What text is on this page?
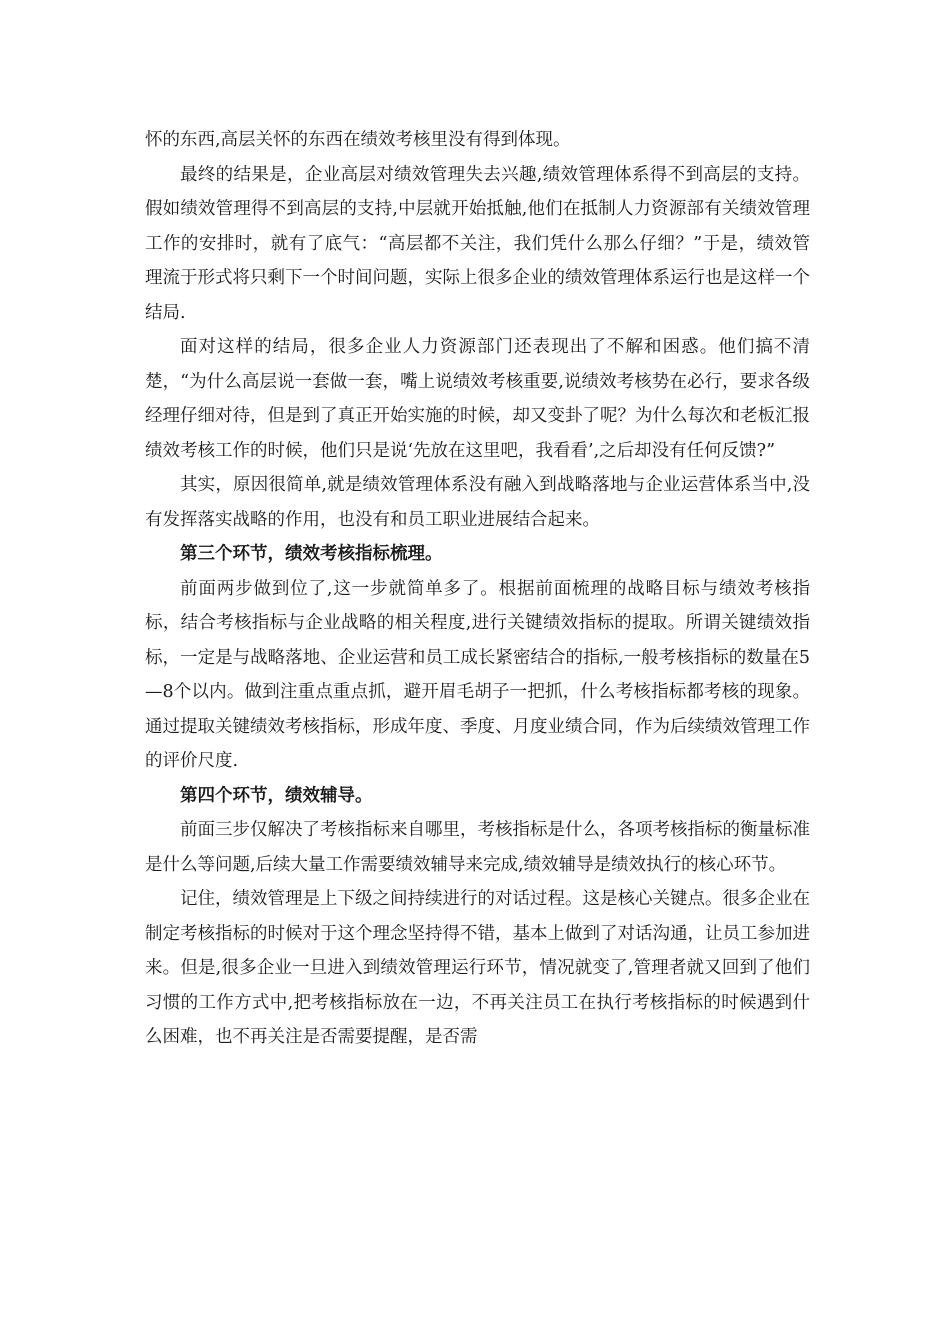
怀的东西,高层关怀的东西在绩效考核里没有得到体现。

最终的结果是，企业高层对绩效管理失去兴趣,绩效管理体系得不到高层的支持。假如绩效管理得不到高层的支持,中层就开始抵触,他们在抵制人力资源部有关绩效管理工作的安排时，就有了底气：“高层都不关注，我们凭什么那么仔细？”于是，绩效管理流于形式将只剩下一个时间问题，实际上很多企业的绩效管理体系运行也是这样一个结局.

面对这样的结局，很多企业人力资源部门还表现出了不解和困惑。他们搞不清楚，“为什么高层说一套做一套，嘴上说绩效考核重要,说绩效考核势在必行，要求各级经理仔细对待，但是到了真正开始实施的时候，却又变卦了呢？为什么每次和老板汇报绩效考核工作的时候，他们只是说‘先放在这里吧，我看看’,之后却没有任何反馈?”

其实，原因很简单,就是绩效管理体系没有融入到战略落地与企业运营体系当中,没有发挥落实战略的作用，也没有和员工职业进展结合起来。

第三个环节，绩效考核指标梳理。

前面两步做到位了,这一步就简单多了。根据前面梳理的战略目标与绩效考核指标，结合考核指标与企业战略的相关程度,进行关键绩效指标的提取。所谓关键绩效指标，一定是与战略落地、企业运营和员工成长紧密结合的指标,一般考核指标的数量在5—8个以内。做到注重点重点抓，避开眉毛胡子一把抓，什么考核指标都考核的现象。通过提取关键绩效考核指标，形成年度、季度、月度业绩合同，作为后续绩效管理工作的评价尺度.

第四个环节，绩效辅导。

前面三步仅解决了考核指标来自哪里，考核指标是什么，各项考核指标的衡量标准是什么等问题,后续大量工作需要绩效辅导来完成,绩效辅导是绩效执行的核心环节。

记住，绩效管理是上下级之间持续进行的对话过程。这是核心关键点。很多企业在制定考核指标的时候对于这个理念坚持得不错，基本上做到了对话沟通，让员工参加进来。但是,很多企业一旦进入到绩效管理运行环节，情况就变了,管理者就又回到了他们习惯的工作方式中,把考核指标放在一边，不再关注员工在执行考核指标的时候遇到什么困难，也不再关注是否需要提醒，是否需
